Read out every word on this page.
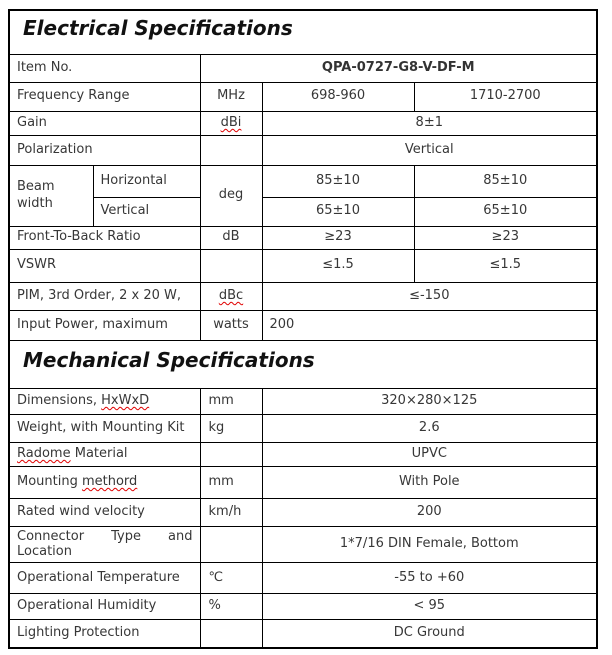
Electrical Specifications				
Item No.		QPA-0727-G8-V-DF-M		
Frequency Range		MHz	698-960	1710-2700
Gain		dBi	8±1	
Polarization			Vertical	
Beam width	Horizontal	deg	85±10	85±10
	Vertical		65±10	65±10
Front-To-Back Ratio		dB	≥23	≥23
VSWR			≤1.5	≤1.5
PIM, 3rd Order, 2 x 20 W,		dBc	≤-150	
Input Power, maximum		watts	200	
Mechanical Specifications				
Dimensions, HxWxD		mm	320×280×125	
Weight, with Mounting Kit		kg	2.6	
Radome Material			UPVC	
Mounting methord		mm	With Pole	
Rated wind velocity		km/h	200	
Connector Type and Location			1*7/16 DIN Female, Bottom	
Operational Temperature		℃	-55 to +60	
Operational Humidity		%	< 95	
Lighting Protection			DC Ground	
